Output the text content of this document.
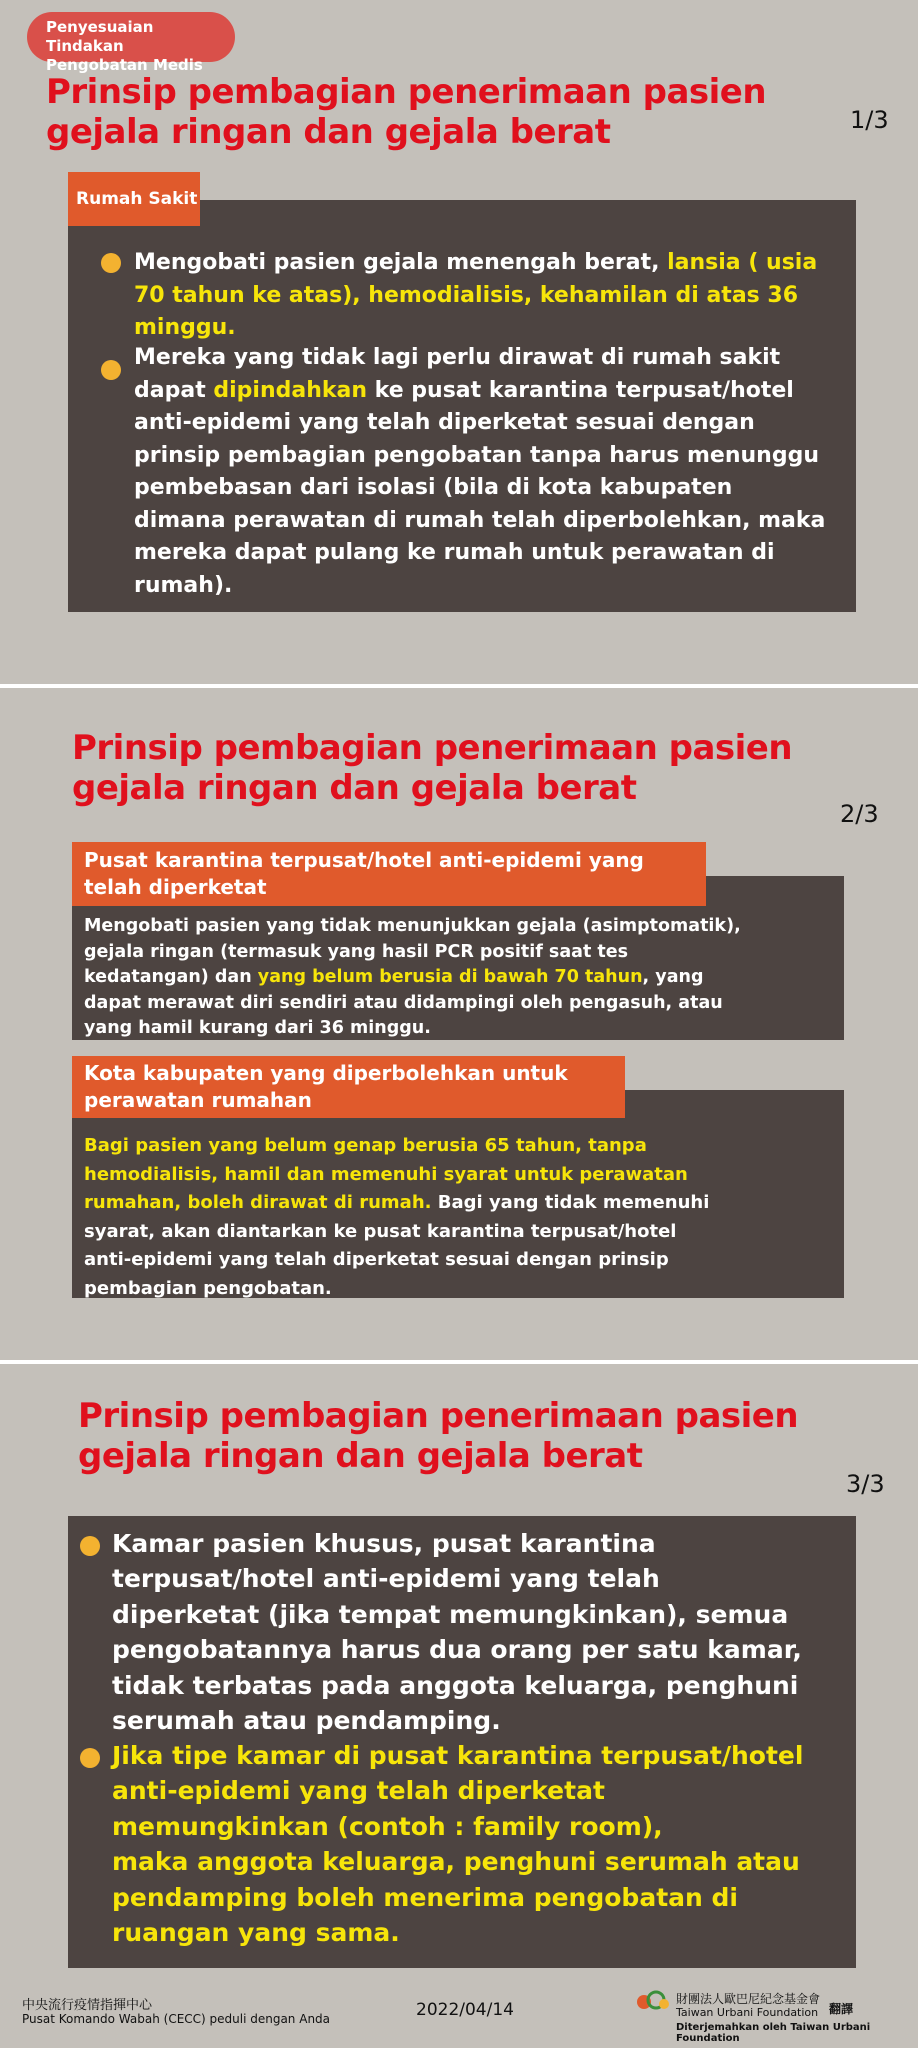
Penyesuaian Tindakan
Pengobatan Medis
Prinsip pembagian penerimaan pasien
gejala ringan dan gejala berat	1/3
Rumah Sakit
Mengobati pasien gejala menengah berat, lansia ( usia
70 tahun ke atas), hemodialisis, kehamilan di atas 36
minggu.
Mereka yang tidak lagi perlu dirawat di rumah sakit
dapat dipindahkan ke pusat karantina terpusat/hotel
anti-epidemi yang telah diperketat sesuai dengan
prinsip pembagian pengobatan tanpa harus menunggu
pembebasan dari isolasi (bila di kota kabupaten
dimana perawatan di rumah telah diperbolehkan, maka
mereka dapat pulang ke rumah untuk perawatan di
rumah).
Prinsip pembagian penerimaan pasien
gejala ringan dan gejala berat
2/3
Pusat karantina terpusat/hotel anti-epidemi yang
telah diperketat
Mengobati pasien yang tidak menunjukkan gejala (asimptomatik),
gejala ringan (termasuk yang hasil PCR positif saat tes
kedatangan) dan yang belum berusia di bawah 70 tahun, yang
dapat merawat diri sendiri atau didampingi oleh pengasuh, atau
yang hamil kurang dari 36 minggu.
Kota kabupaten yang diperbolehkan untuk
perawatan rumahan
Bagi pasien yang belum genap berusia 65 tahun, tanpa
hemodialisis, hamil dan memenuhi syarat untuk perawatan
rumahan, boleh dirawat di rumah. Bagi yang tidak memenuhi
syarat, akan diantarkan ke pusat karantina terpusat/hotel
anti-epidemi yang telah diperketat sesuai dengan prinsip
pembagian pengobatan.
Prinsip pembagian penerimaan pasien
gejala ringan dan gejala berat
3/3
Kamar pasien khusus, pusat karantina
terpusat/hotel anti-epidemi yang telah
diperketat (jika tempat memungkinkan), semua
pengobatannya harus dua orang per satu kamar,
tidak terbatas pada anggota keluarga, penghuni
serumah atau pendamping.
Jika tipe kamar di pusat karantina terpusat/hotel
anti-epidemi yang telah diperketat
memungkinkan (contoh : family room),
maka anggota keluarga, penghuni serumah atau
pendamping boleh menerima pengobatan di
ruangan yang sama.
中央流行疫情指揮中心
Pusat Komando Wabah (CECC) peduli dengan Anda	2022/04/14
財團法人歐巴尼紀念基金會
翻譯
Taiwan Urbani Foundation
Diterjemahkan oleh Taiwan Urbani Foundation
